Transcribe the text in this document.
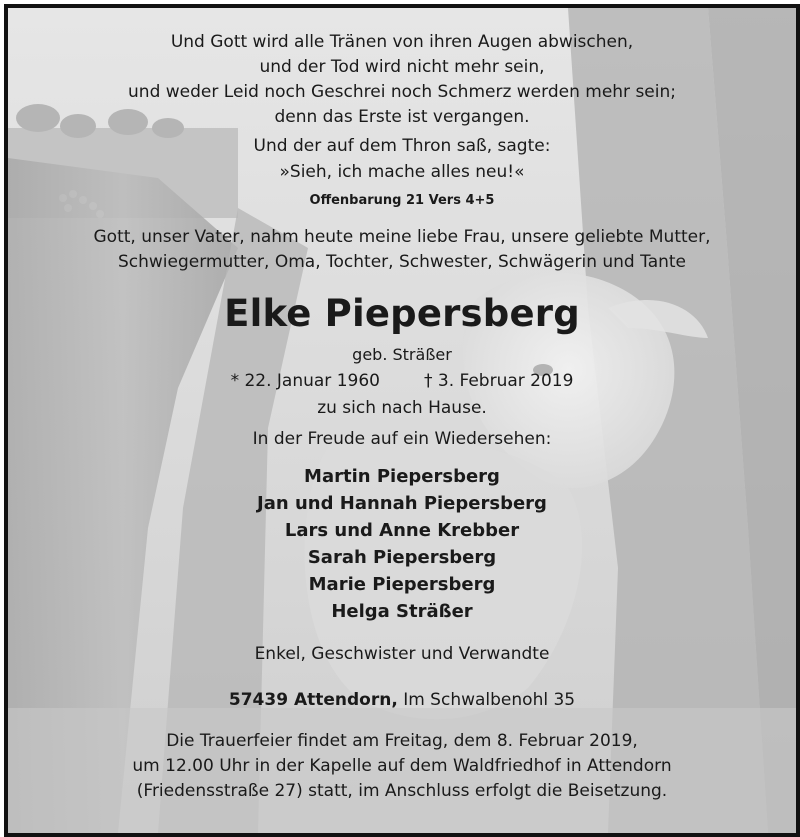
Und Gott wird alle Tränen von ihren Augen abwischen,
und der Tod wird nicht mehr sein,
und weder Leid noch Geschrei noch Schmerz werden mehr sein;
denn das Erste ist vergangen.
Und der auf dem Thron saß, sagte:
»Sieh, ich mache alles neu!«
Offenbarung 21 Vers 4+5
Gott, unser Vater, nahm heute meine liebe Frau, unsere geliebte Mutter,
Schwiegermutter, Oma, Tochter, Schwester, Schwägerin und Tante
Elke Piepersberg
geb. Sträßer
* 22. Januar 1960	† 3. Februar 2019
zu sich nach Hause.
In der Freude auf ein Wiedersehen:
Martin Piepersberg
Jan und Hannah Piepersberg
Lars und Anne Krebber
Sarah Piepersberg
Marie Piepersberg
Helga Sträßer
Enkel, Geschwister und Verwandte
57439 Attendorn, Im Schwalbenohl 35
Die Trauerfeier findet am Freitag, dem 8. Februar 2019,
um 12.00 Uhr in der Kapelle auf dem Waldfriedhof in Attendorn
(Friedensstraße 27) statt, im Anschluss erfolgt die Beisetzung.
